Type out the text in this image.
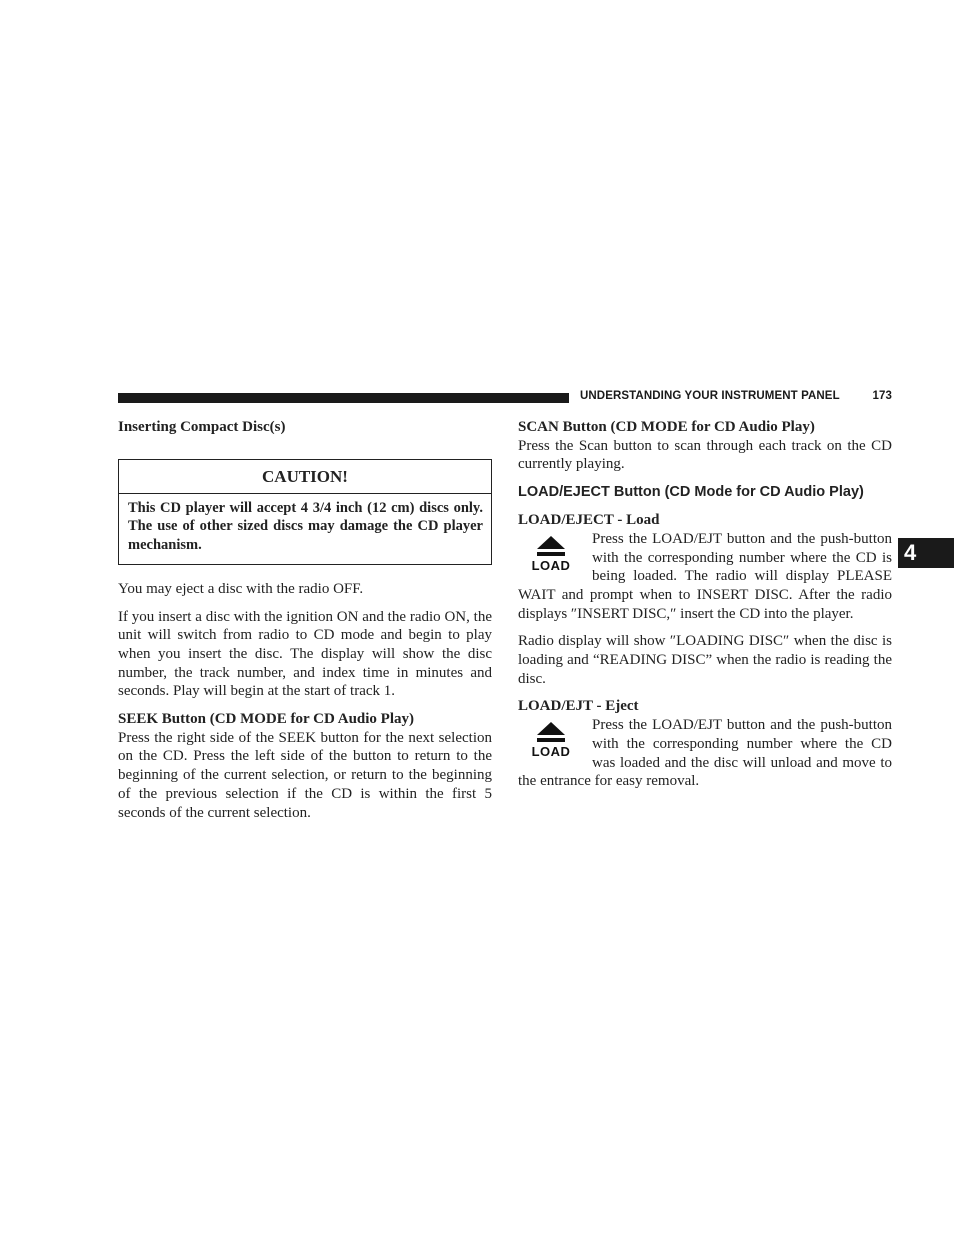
UNDERSTANDING YOUR INSTRUMENT PANEL	173
4
Inserting Compact Disc(s)
CAUTION!
This CD player will accept 4 3/4 inch (12 cm) discs only. The use of other sized discs may damage the CD player mechanism.

You may eject a disc with the radio OFF.

If you insert a disc with the ignition ON and the radio ON, the unit will switch from radio to CD mode and begin to play when you insert the disc. The display will show the disc number, the track number, and index time in minutes and seconds. Play will begin at the start of track 1.

SEEK Button (CD MODE for CD Audio Play)

Press the right side of the SEEK button for the next selection on the CD. Press the left side of the button to return to the beginning of the current selection, or return to the beginning of the previous selection if the CD is within the first 5 seconds of the current selection.

SCAN Button (CD MODE for CD Audio Play)

Press the Scan button to scan through each track on the CD currently playing.

LOAD/EJECT Button (CD Mode for CD Audio Play)
LOAD/EJECT - Load
LOAD

Press the LOAD/EJT button and the push-button with the corresponding number where the CD is being loaded. The radio will display PLEASE WAIT and prompt when to INSERT DISC. After the radio displays ″INSERT DISC,″ insert the CD into the player.

Radio display will show ″LOADING DISC″ when the disc is loading and “READING DISC” when the radio is reading the disc.

LOAD/EJT - Eject
LOAD

Press the LOAD/EJT button and the push-button with the corresponding number where the CD was loaded and the disc will unload and move to the entrance for easy removal.
